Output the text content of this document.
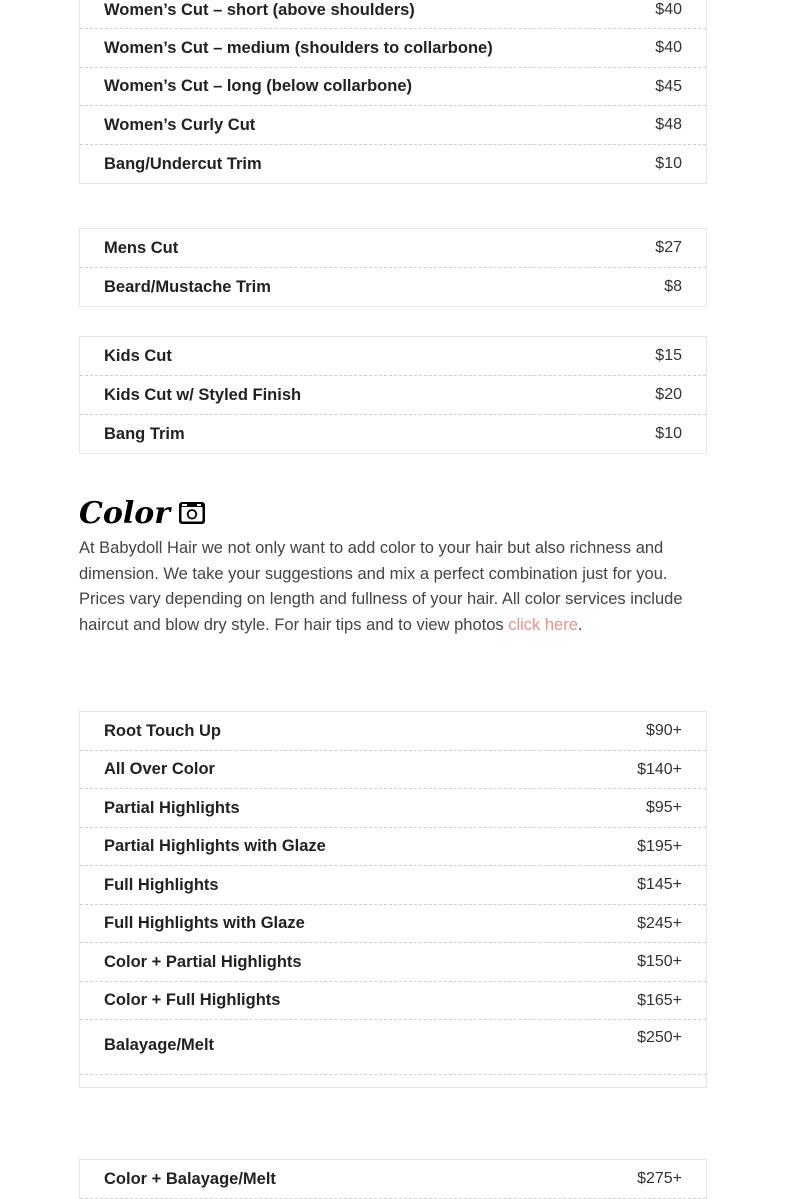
Women’s Cut – short (above shoulders)	$40
Women’s Cut – medium (shoulders to collarbone)	$40
Women’s Cut – long (below collarbone)	$45
Women’s Curly Cut	$48
Bang/Undercut Trim	$10
Mens Cut	$27
Beard/Mustache Trim	$8
Kids Cut	$15
Kids Cut w/ Styled Finish	$20
Bang Trim	$10
Color
At Babydoll Hair we not only want to add color to your hair but also richness and dimension. We take your suggestions and mix a perfect combination just for you. Prices vary depending on length and fullness of your hair. All color services include haircut and blow dry style. For hair tips and to view photos click here.
Root Touch Up	$90+
All Over Color	$140+
Partial Highlights	$95+
Partial Highlights with Glaze	$195+
Full Highlights	$145+
Full Highlights with Glaze	$245+
Color + Partial Highlights	$150+
Color + Full Highlights	$165+
Balayage/Melt	$250+
Color + Balayage/Melt	$275+
